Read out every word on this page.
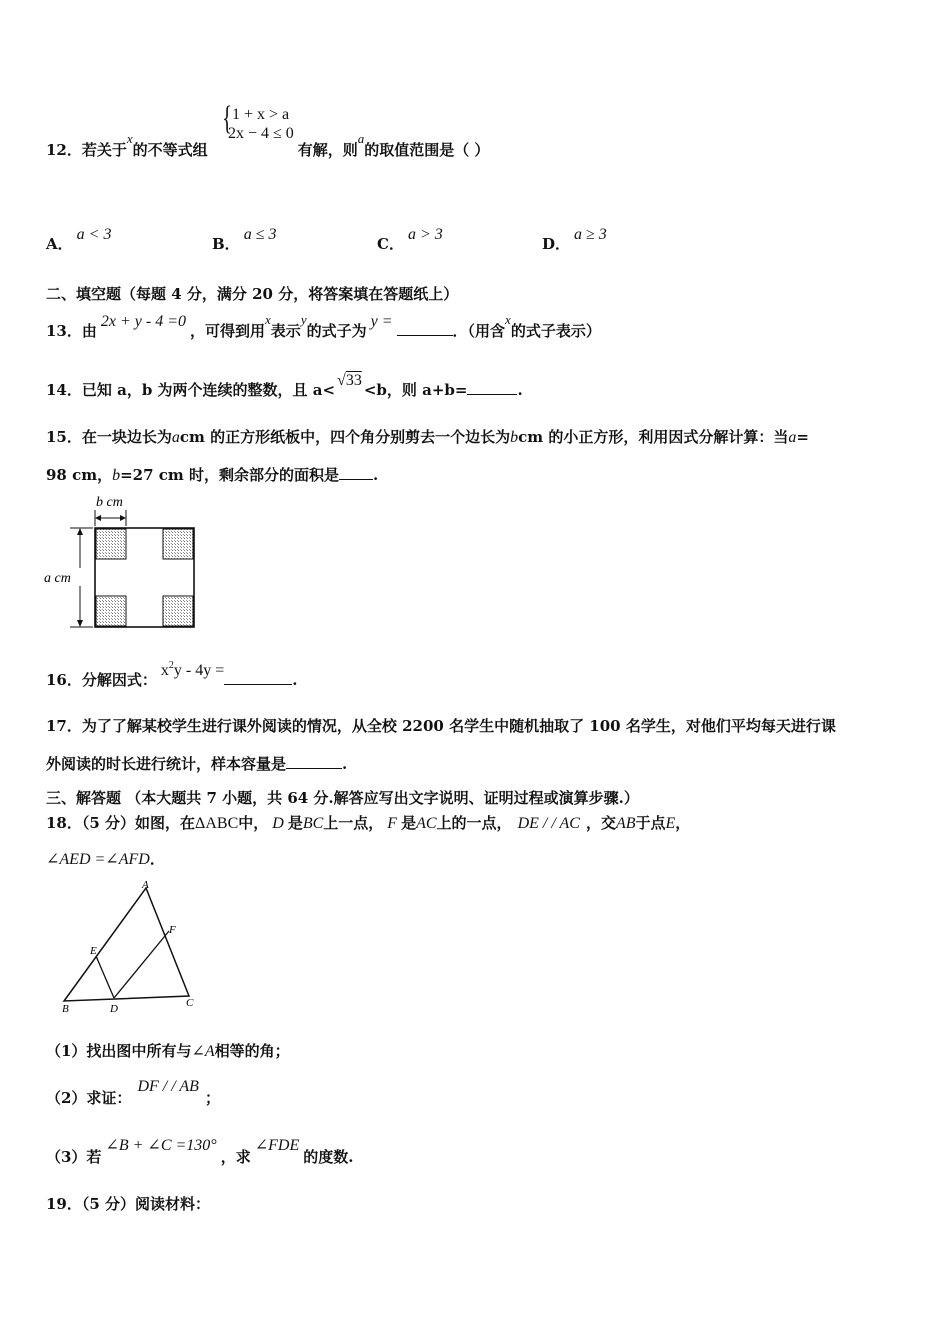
12．若关于x的不等式组	有解，则a的取值范围是（ ）
{ 1 + x > a
2x − 4 ≤ 0
A．a < 3
B．a ≤ 3
C．a > 3
D．a ≥ 3
二、填空题（每题 4 分，满分 20 分，将答案填在答题纸上）
13．由2x + y - 4 =0，可得到用x表示y的式子为y =．（用含x的式子表示）
14．已知 a，b 为两个连续的整数，且 a<√33<b，则 a+b=	.
15．在一块边长为acm 的正方形纸板中，四个角分别剪去一个边长为bcm 的小正方形，利用因式分解计算：当a=
98 cm，b=27 cm 时，剩余部分的面积是 .
b cm
a cm
16．分解因式：$x^2y - 4y$ =.
17．为了了解某校学生进行课外阅读的情况，从全校 2200 名学生中随机抽取了 100 名学生，对他们平均每天进行课
外阅读的时长进行统计，样本容量是	.
三、解答题 （本大题共 7 小题，共 64 分.解答应写出文字说明、证明过程或演算步骤.）
18．（5 分）如图，在ΔABC中， D 是BC上一点， F 是AC上的一点， DE / / AC ，交AB于点E，
∠AED =∠AFD．
A
B	C
D
E
F
（1）找出图中所有与∠A相等的角；
（2）求证：DF / / AB；
（3）若∠B + ∠C =130°，求∠FDE的度数.
19．（5 分）阅读材料：
